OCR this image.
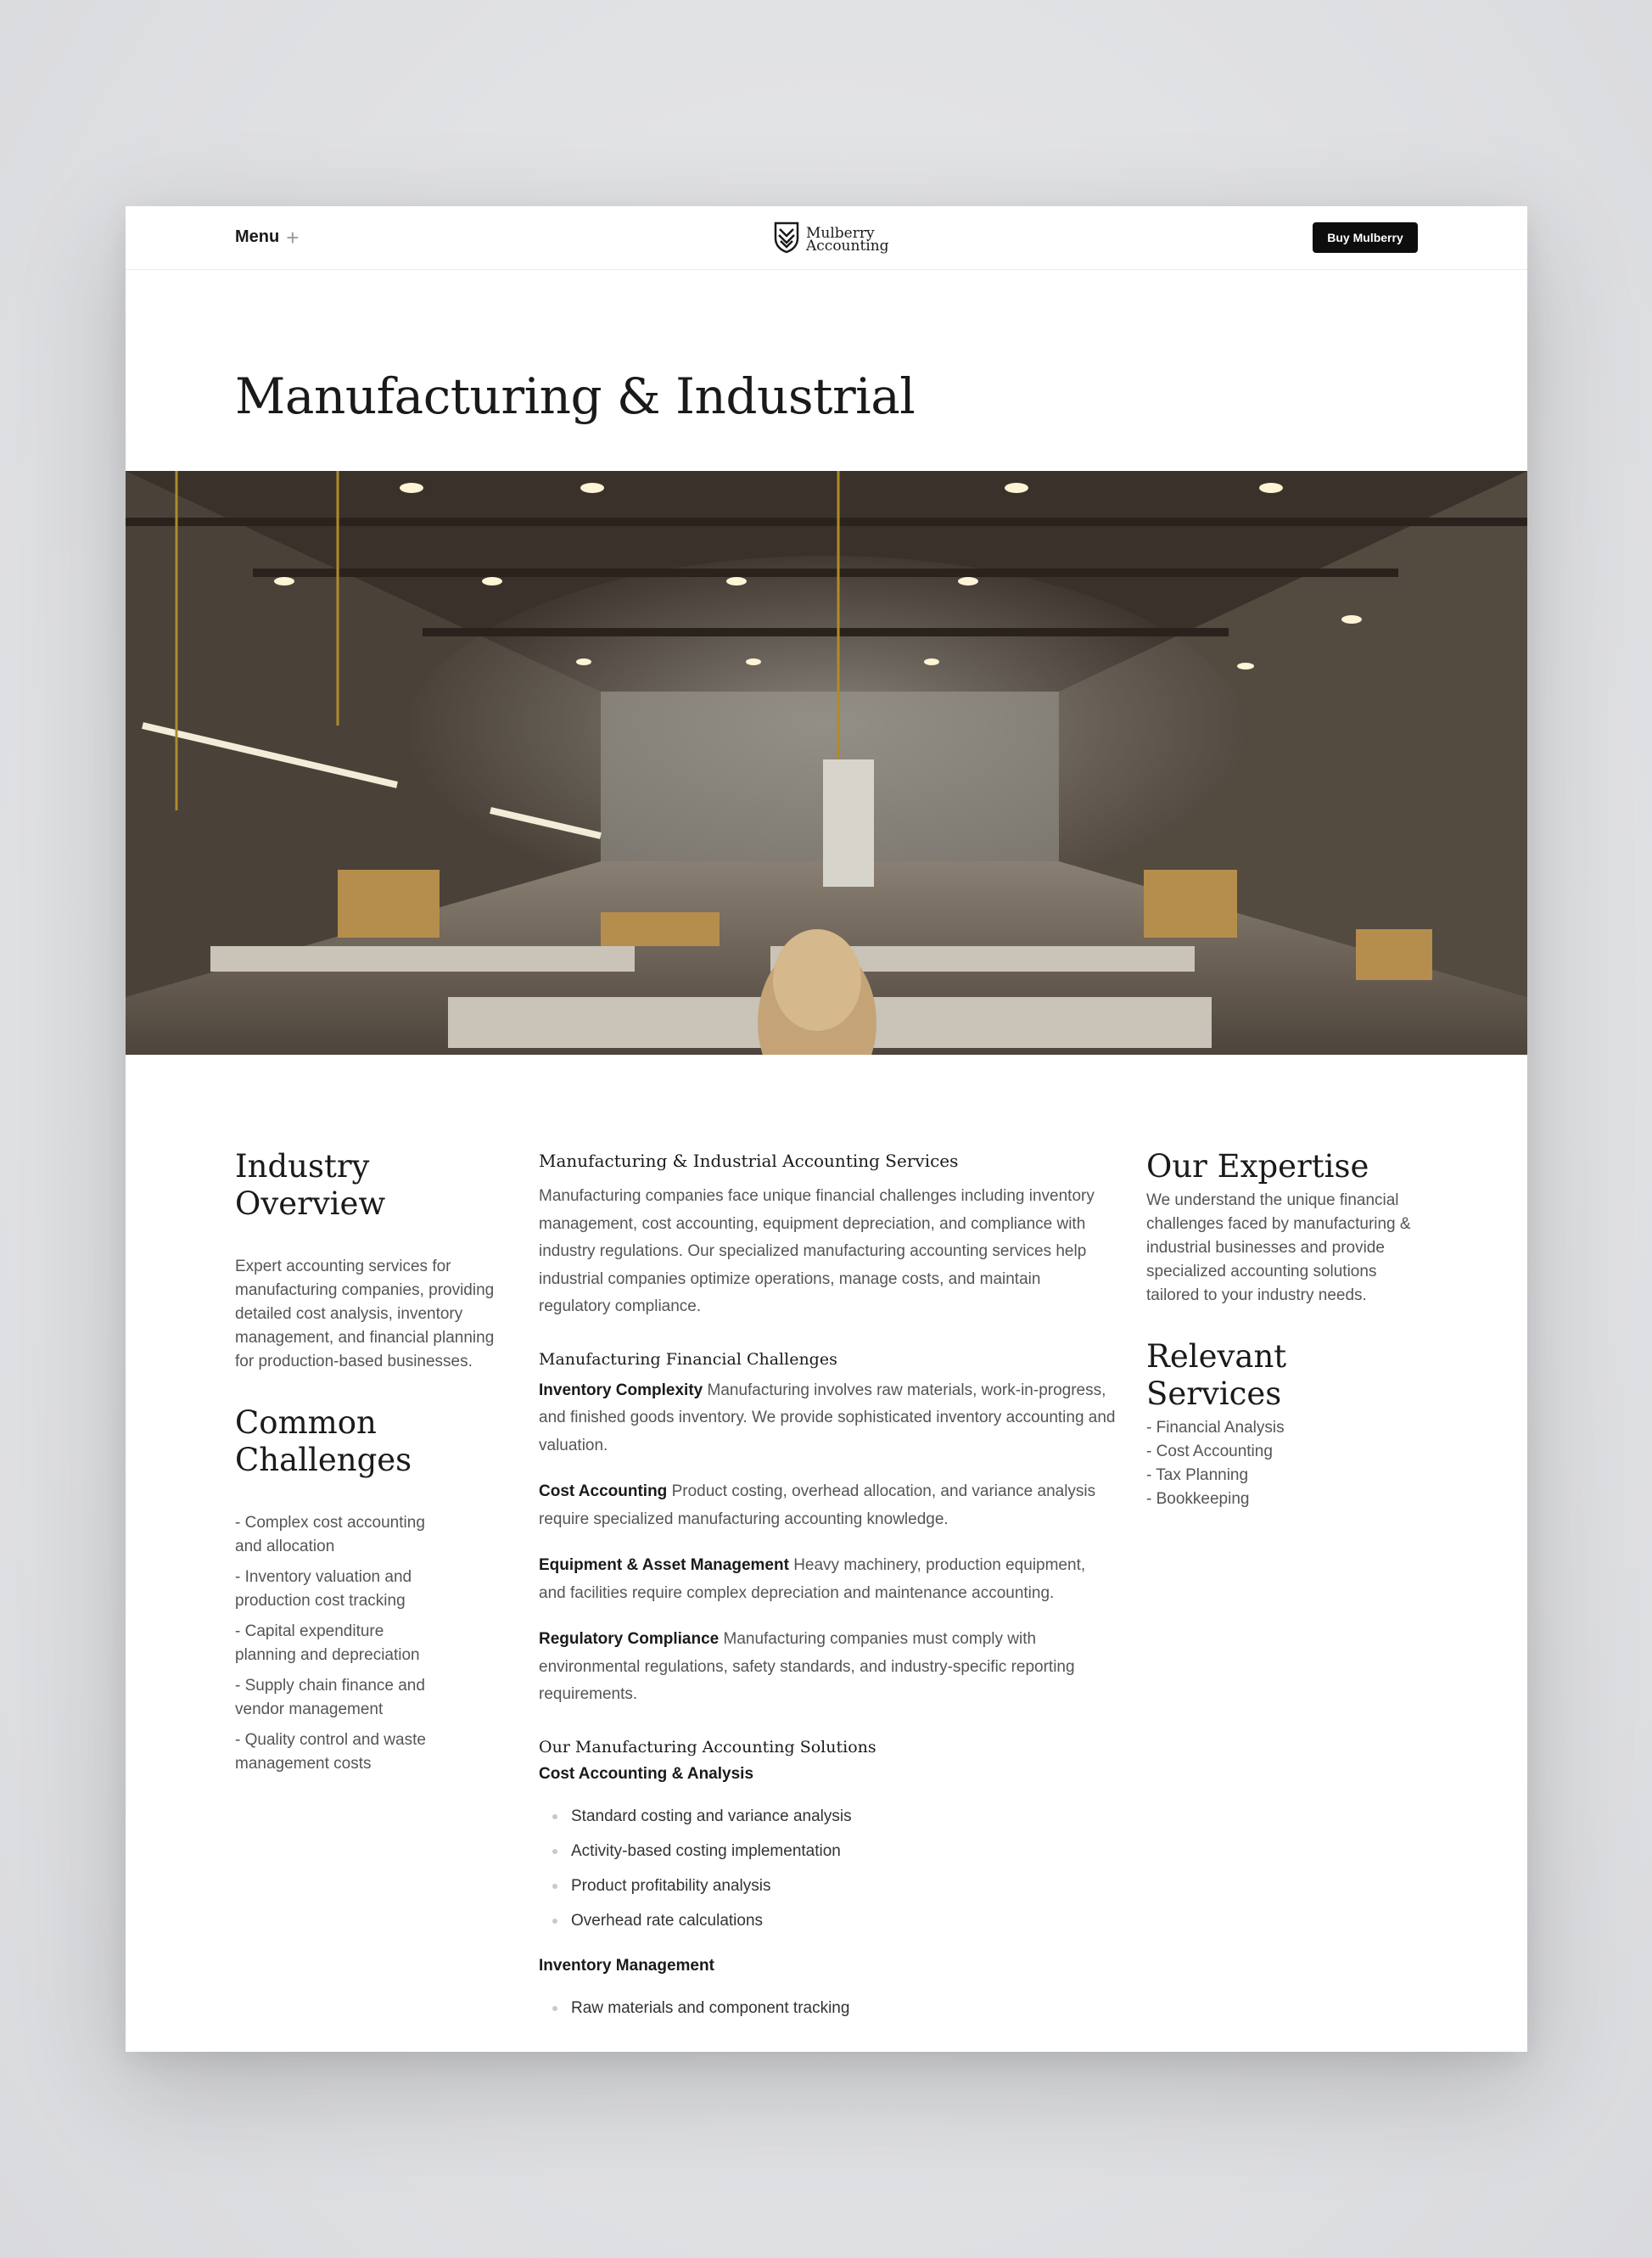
Menu +	Mulberry
Accounting	Buy Mulberry
Manufacturing & Industrial
Industry Overview

Expert accounting services for manufacturing companies, providing detailed cost analysis, inventory management, and financial planning for production-based businesses.

Common Challenges
- Complex cost accounting and allocation
- Inventory valuation and production cost tracking
- Capital expenditure planning and depreciation
- Supply chain finance and vendor management
- Quality control and waste management costs
Manufacturing & Industrial Accounting Services

Manufacturing companies face unique financial challenges including inventory management, cost accounting, equipment depreciation, and compliance with industry regulations. Our specialized manufacturing accounting services help industrial companies optimize operations, manage costs, and maintain regulatory compliance.

Manufacturing Financial Challenges

Inventory Complexity Manufacturing involves raw materials, work-in-progress, and finished goods inventory. We provide sophisticated inventory accounting and valuation.

Cost Accounting Product costing, overhead allocation, and variance analysis require specialized manufacturing accounting knowledge.

Equipment & Asset Management Heavy machinery, production equipment, and facilities require complex depreciation and maintenance accounting.

Regulatory Compliance Manufacturing companies must comply with environmental regulations, safety standards, and industry-specific reporting requirements.

Our Manufacturing Accounting Solutions
Cost Accounting & Analysis
Standard costing and variance analysis
Activity-based costing implementation
Product profitability analysis
Overhead rate calculations
Inventory Management
Raw materials and component tracking
Our Expertise

We understand the unique financial challenges faced by manufacturing & industrial businesses and provide specialized accounting solutions tailored to your industry needs.

Relevant Services
- Financial Analysis
- Cost Accounting
- Tax Planning
- Bookkeeping
